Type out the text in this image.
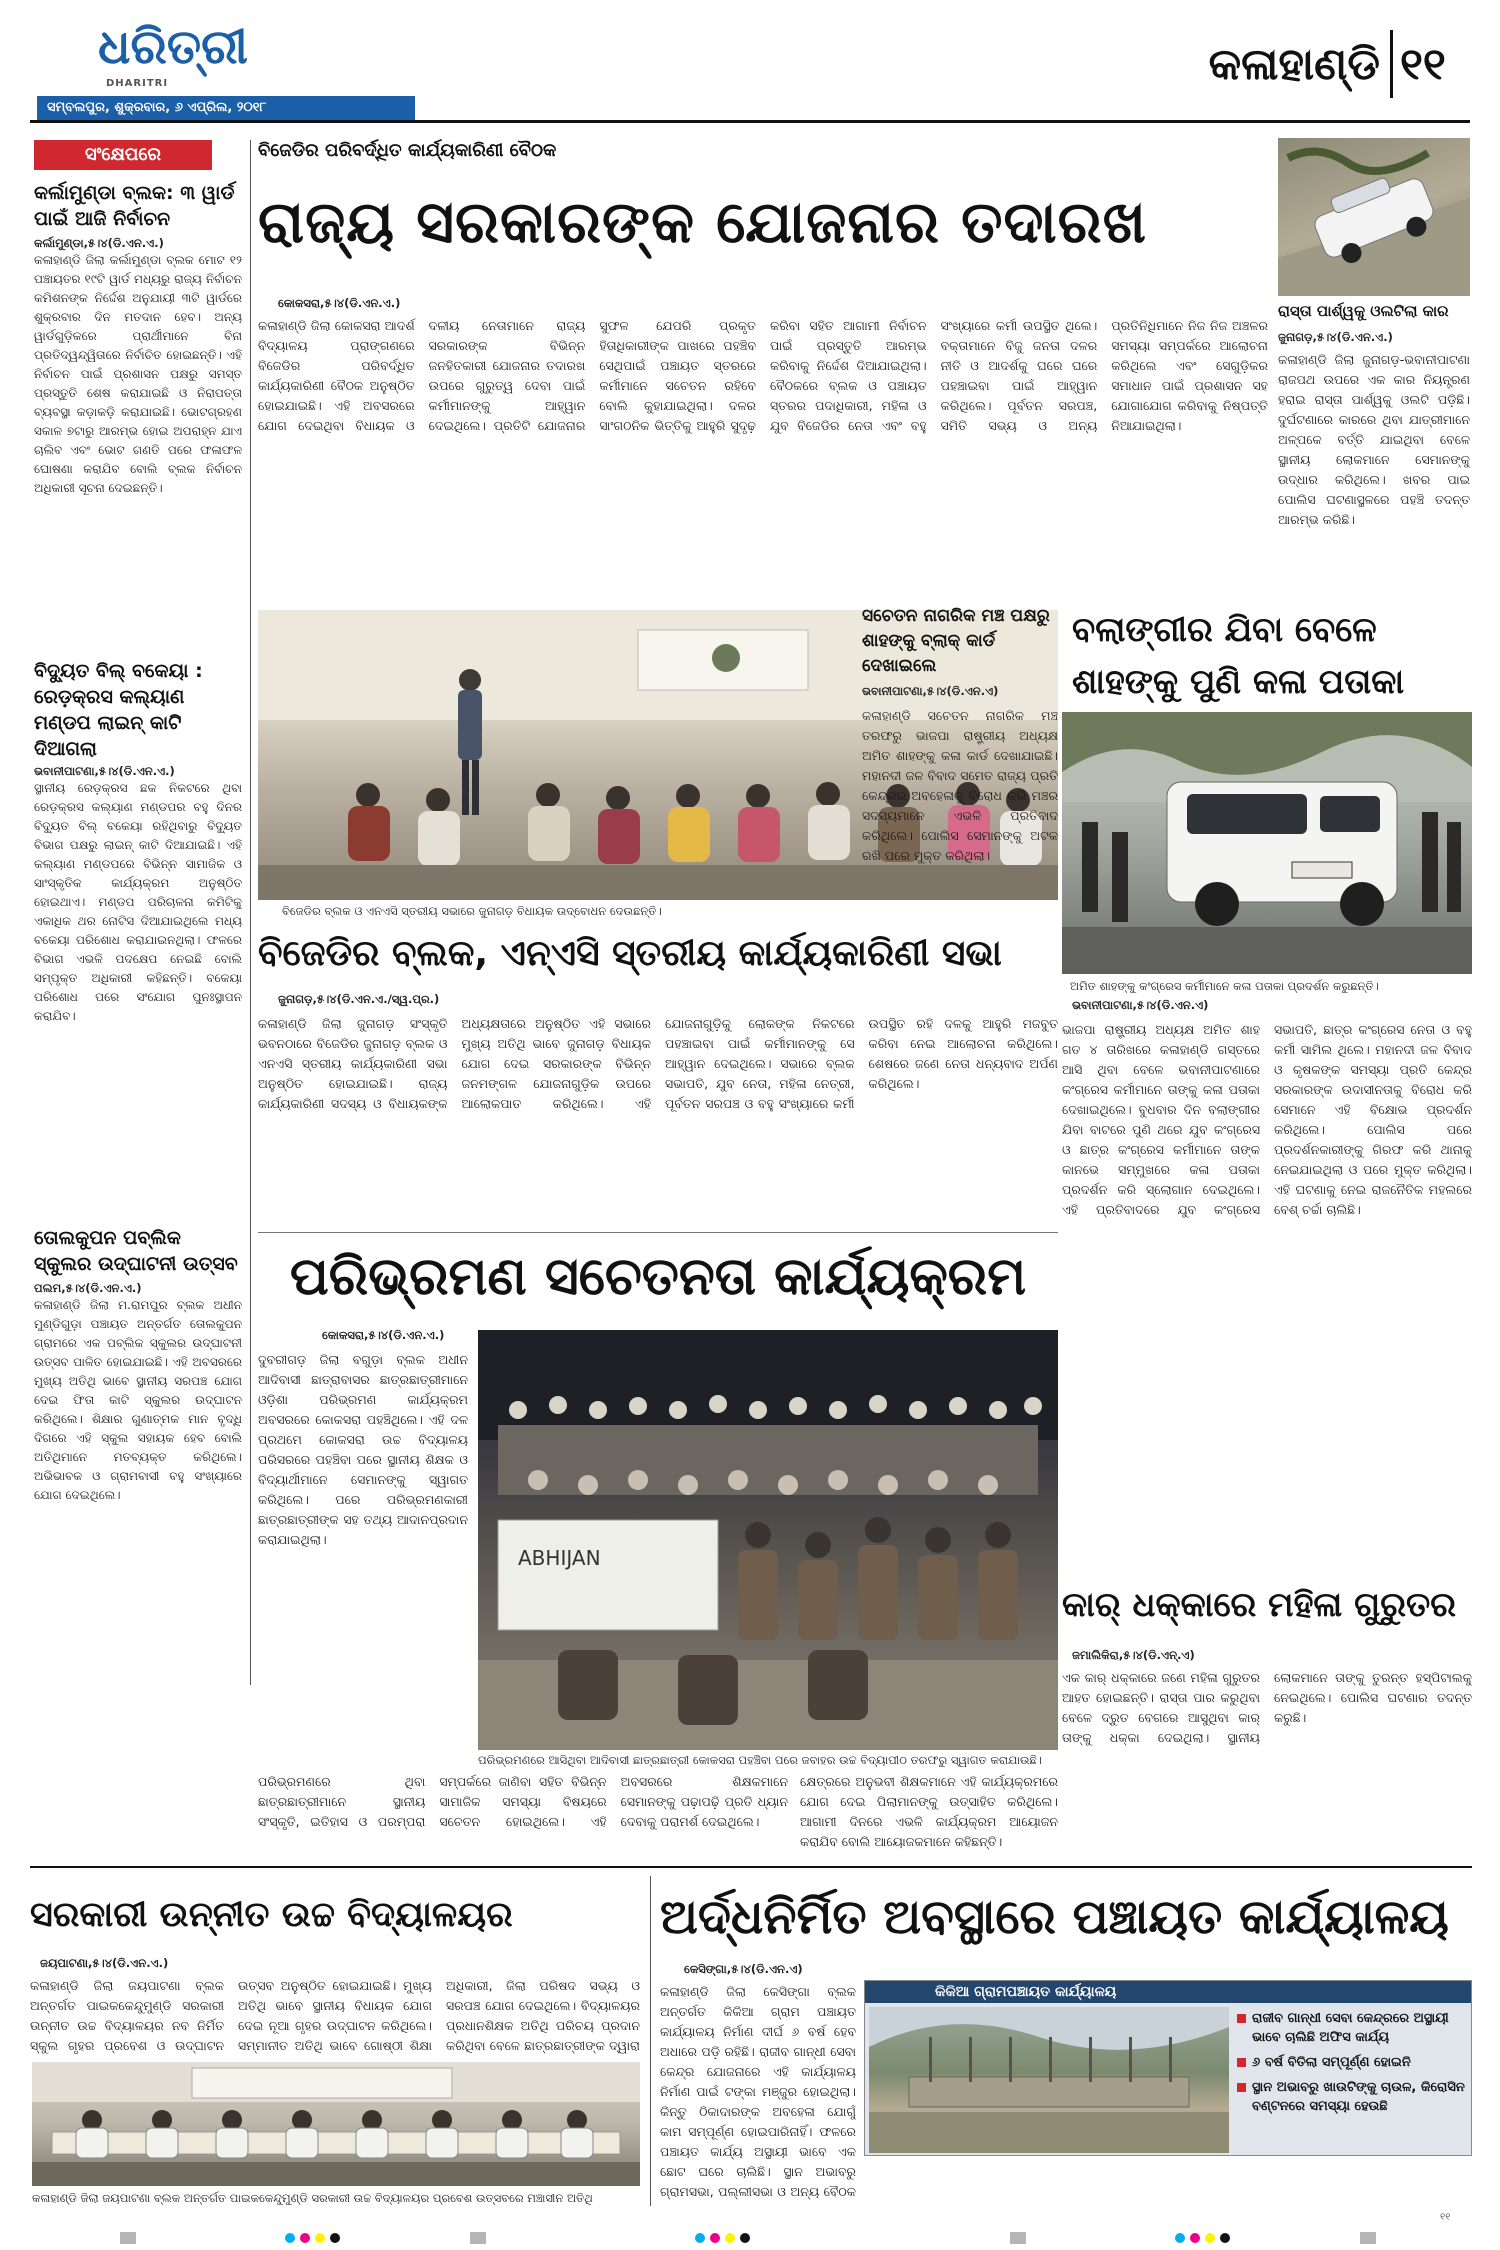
ଧରିତ୍ରୀ
DHARITRI
ସମ୍ବଲପୁର, ଶୁକ୍ରବାର, ୬ ଏପ୍ରିଲ, ୨୦୧୮
କଳାହାଣ୍ଡି ୧୧
ସଂକ୍ଷେପରେ
କର୍ଲାମୁଣ୍ଡା ବ୍ଲକ: ୩ ୱାର୍ଡ ପାଇଁ ଆଜି ନିର୍ବାଚନ
କର୍ଲାମୁଣ୍ଡା,୫।୪(ଡି.ଏନ.ଏ.)
କଳାହାଣ୍ଡି ଜିଲା କର୍ଲାମୁଣ୍ଡା ବ୍ଲକ ମୋଟ ୧୨ ପଞ୍ଚାୟତର ୧୯ଟି ୱାର୍ଡ ମଧ୍ୟରୁ ରାଜ୍ୟ ନିର୍ବାଚନ କମିଶନଙ୍କ ନିର୍ଦ୍ଦେଶ ଅନୁଯାୟୀ ୩ଟି ୱାର୍ଡରେ ଶୁକ୍ରବାର ଦିନ ମତଦାନ ହେବ। ଅନ୍ୟ ୱାର୍ଡଗୁଡ଼ିକରେ ପ୍ରାର୍ଥୀମାନେ ବିନା ପ୍ରତିଦ୍ୱନ୍ଦ୍ୱିତାରେ ନିର୍ବାଚିତ ହୋଇଛନ୍ତି। ଏହି ନିର୍ବାଚନ ପାଇଁ ପ୍ରଶାସନ ପକ୍ଷରୁ ସମସ୍ତ ପ୍ରସ୍ତୁତି ଶେଷ କରାଯାଇଛି ଓ ନିରାପତ୍ତା ବ୍ୟବସ୍ଥା କଡ଼ାକଡ଼ି କରାଯାଇଛି। ଭୋଟଗ୍ରହଣ ସକାଳ ୭ଟାରୁ ଆରମ୍ଭ ହୋଇ ଅପରାହ୍ନ ଯାଏ ଚାଲିବ ଏବଂ ଭୋଟ ଗଣତି ପରେ ଫଳାଫଳ ଘୋଷଣା କରାଯିବ ବୋଲି ବ୍ଲକ ନିର୍ବାଚନ ଅଧିକାରୀ ସୂଚନା ଦେଇଛନ୍ତି।
ବିଦ୍ୟୁତ ବିଲ୍ ବକେୟା : ରେଡ଼କ୍ରସ କଲ୍ୟାଣ ମଣ୍ଡପ ଲାଇନ୍ କାଟି ଦିଆଗଲା
ଭବାନୀପାଟଣା,୫।୪(ଡି.ଏନ.ଏ.)
ସ୍ଥାନୀୟ ରେଡ଼କ୍ରସ ଛକ ନିକଟରେ ଥିବା ରେଡ଼କ୍ରସ କଲ୍ୟାଣ ମଣ୍ଡପର ବହୁ ଦିନର ବିଦ୍ୟୁତ ବିଲ୍ ବକେୟା ରହିଥିବାରୁ ବିଦ୍ୟୁତ ବିଭାଗ ପକ୍ଷରୁ ଲାଇନ୍ କାଟି ଦିଆଯାଇଛି। ଏହି କଲ୍ୟାଣ ମଣ୍ଡପରେ ବିଭିନ୍ନ ସାମାଜିକ ଓ ସାଂସ୍କୃତିକ କାର୍ଯ୍ୟକ୍ରମ ଅନୁଷ୍ଠିତ ହୋଇଥାଏ। ମଣ୍ଡପ ପରିଚାଳନା କମିଟିକୁ ଏକାଧିକ ଥର ନୋଟିସ ଦିଆଯାଇଥିଲେ ମଧ୍ୟ ବକେୟା ପରିଶୋଧ କରାଯାଇନଥିଲା। ଫଳରେ ବିଭାଗ ଏଭଳି ପଦକ୍ଷେପ ନେଇଛି ବୋଲି ସମ୍ପୃକ୍ତ ଅଧିକାରୀ କହିଛନ୍ତି। ବକେୟା ପରିଶୋଧ ପରେ ସଂଯୋଗ ପୁନଃସ୍ଥାପନ କରାଯିବ।
ତୋଲକୁପନ ପବ୍ଲିକ ସ୍କୁଲର ଉଦ୍‌ଘାଟନୀ ଉତ୍ସବ
ପଲମ,୫।୪(ଡି.ଏନ.ଏ.)
କଳାହାଣ୍ଡି ଜିଲା ମ.ରାମପୁର ବ୍ଲକ ଅଧୀନ ମୁଣ୍ଡିଗୁଡ଼ା ପଞ୍ଚାୟତ ଅନ୍ତର୍ଗତ ତୋଲକୁପନ ଗ୍ରାମରେ ଏକ ପବ୍ଲିକ ସ୍କୁଲର ଉଦ୍‌ଘାଟନୀ ଉତ୍ସବ ପାଳିତ ହୋଇଯାଇଛି। ଏହି ଅବସରରେ ମୁଖ୍ୟ ଅତିଥି ଭାବେ ସ୍ଥାନୀୟ ସରପଞ୍ଚ ଯୋଗ ଦେଇ ଫିତା କାଟି ସ୍କୁଲର ଉଦ୍‌ଘାଟନ କରିଥିଲେ। ଶିକ୍ଷାର ଗୁଣାତ୍ମକ ମାନ ବୃଦ୍ଧି ଦିଗରେ ଏହି ସ୍କୁଲ ସହାୟକ ହେବ ବୋଲି ଅତିଥିମାନେ ମତବ୍ୟକ୍ତ କରିଥିଲେ। ଅଭିଭାବକ ଓ ଗ୍ରାମବାସୀ ବହୁ ସଂଖ୍ୟାରେ ଯୋଗ ଦେଇଥିଲେ।
ବିଜେଡିର ପରିବର୍ଦ୍ଧିତ କାର୍ଯ୍ୟକାରିଣୀ ବୈଠକ
ରାଜ୍ୟ ସରକାରଙ୍କ ଯୋଜନାର ତଦାରଖ
କୋକସରା,୫।୪(ଡି.ଏନ.ଏ.)
କଳାହାଣ୍ଡି ଜିଲା କୋକସରା ଆଦର୍ଶ ବିଦ୍ୟାଳୟ ପ୍ରାଙ୍ଗଣରେ ବିଜେଡିର ପରିବର୍ଦ୍ଧିତ କାର୍ଯ୍ୟକାରିଣୀ ବୈଠକ ଅନୁଷ୍ଠିତ ହୋଇଯାଇଛି। ଏହି ଅବସରରେ ଯୋଗ ଦେଇଥିବା ବିଧାୟକ ଓ ଦଳୀୟ ନେତାମାନେ ରାଜ୍ୟ ସରକାରଙ୍କ ବିଭିନ୍ନ ଜନହିତକାରୀ ଯୋଜନାର ତଦାରଖ ଉପରେ ଗୁରୁତ୍ୱ ଦେବା ପାଇଁ କର୍ମୀମାନଙ୍କୁ ଆହ୍ୱାନ ଦେଇଥିଲେ। ପ୍ରତିଟି ଯୋଜନାର ସୁଫଳ ଯେପରି ପ୍ରକୃତ ହିତାଧିକାରୀଙ୍କ ପାଖରେ ପହଞ୍ଚିବ ସେଥିପାଇଁ ପଞ୍ଚାୟତ ସ୍ତରରେ କର୍ମୀମାନେ ସଚେତନ ରହିବେ ବୋଲି କୁହାଯାଇଥିଲା। ଦଳର ସାଂଗଠନିକ ଭିତ୍ତିକୁ ଆହୁରି ସୁଦୃଢ଼ କରିବା ସହିତ ଆଗାମୀ ନିର୍ବାଚନ ପାଇଁ ପ୍ରସ୍ତୁତି ଆରମ୍ଭ କରିବାକୁ ନିର୍ଦ୍ଦେଶ ଦିଆଯାଇଥିଲା। ବୈଠକରେ ବ୍ଲକ ଓ ପଞ୍ଚାୟତ ସ୍ତରର ପଦାଧିକାରୀ, ମହିଳା ଓ ଯୁବ ବିଜେଡିର ନେତା ଏବଂ ବହୁ ସଂଖ୍ୟାରେ କର୍ମୀ ଉପସ୍ଥିତ ଥିଲେ। ବକ୍ତାମାନେ ବିଜୁ ଜନତା ଦଳର ନୀତି ଓ ଆଦର୍ଶକୁ ଘରେ ଘରେ ପହଞ୍ଚାଇବା ପାଇଁ ଆହ୍ୱାନ କରିଥିଲେ। ପୂର୍ବତନ ସରପଞ୍ଚ, ସମିତି ସଭ୍ୟ ଓ ଅନ୍ୟ ପ୍ରତିନିଧିମାନେ ନିଜ ନିଜ ଅଞ୍ଚଳର ସମସ୍ୟା ସମ୍ପର୍କରେ ଆଲୋଚନା କରିଥିଲେ ଏବଂ ସେଗୁଡ଼ିକର ସମାଧାନ ପାଇଁ ପ୍ରଶାସନ ସହ ଯୋଗାଯୋଗ କରିବାକୁ ନିଷ୍ପତ୍ତି ନିଆଯାଇଥିଲା।
ବିଜେଡିର ବ୍ଲକ ଓ ଏନଏସି ସ୍ତରୀୟ ସଭାରେ ଜୁନାଗଡ଼ ବିଧାୟକ ଉଦ୍‌ବୋଧନ ଦେଉଛନ୍ତି।
ରାସ୍ତା ପାର୍ଶ୍ୱକୁ ଓଲଟିଲା କାର
ଜୁନାଗଡ଼,୫।୪(ଡି.ଏନ.ଏ.)
କଳାହାଣ୍ଡି ଜିଲା ଜୁନାଗଡ଼-ଭବାନୀପାଟଣା ରାଜପଥ ଉପରେ ଏକ କାର ନିୟନ୍ତ୍ରଣ ହରାଇ ରାସ୍ତା ପାର୍ଶ୍ୱକୁ ଓଲଟି ପଡ଼ିଛି। ଦୁର୍ଘଟଣାରେ କାରରେ ଥିବା ଯାତ୍ରୀମାନେ ଅଳ୍ପକେ ବର୍ତ୍ତି ଯାଇଥିବା ବେଳେ ସ୍ଥାନୀୟ ଲୋକମାନେ ସେମାନଙ୍କୁ ଉଦ୍ଧାର କରିଥିଲେ। ଖବର ପାଇ ପୋଲିସ ଘଟଣାସ୍ଥଳରେ ପହଞ୍ଚି ତଦନ୍ତ ଆରମ୍ଭ କରିଛି।
ସଚେତନ ନାଗରିକ ମଞ୍ଚ ପକ୍ଷରୁ ଶାହଙ୍କୁ ବ୍ଲାକ୍ କାର୍ଡ ଦେଖାଇଲେ
ଭବାନୀପାଟଣା,୫।୪(ଡି.ଏନ.ଏ)
କଳାହାଣ୍ଡି ସଚେତନ ନାଗରିକ ମଞ୍ଚ ତରଫରୁ ଭାଜପା ରାଷ୍ଟ୍ରୀୟ ଅଧ୍ୟକ୍ଷ ଅମିତ ଶାହଙ୍କୁ କଳା କାର୍ଡ ଦେଖାଯାଇଛି। ମହାନଦୀ ଜଳ ବିବାଦ ସମେତ ରାଜ୍ୟ ପ୍ରତି କେନ୍ଦ୍ରର ଅବହେଳାକୁ ବିରୋଧ କରି ମଞ୍ଚର ସଦସ୍ୟମାନେ ଏଭଳି ପ୍ରତିବାଦ କରିଥିଲେ। ପୋଲିସ ସେମାନଙ୍କୁ ଅଟକ ରଖି ପରେ ମୁକ୍ତ କରିଥିଲା।
ବଲାଙ୍ଗୀର ଯିବା ବେଳେ ଶାହଙ୍କୁ ପୁଣି କଳା ପତାକା
ଅମିତ ଶାହଙ୍କୁ କଂଗ୍ରେସ କର୍ମୀମାନେ କଳା ପତାକା ପ୍ରଦର୍ଶନ କରୁଛନ୍ତି।
ଭବାନୀପାଟଣା,୫।୪(ଡି.ଏନ.ଏ)
ଭାଜପା ରାଷ୍ଟ୍ରୀୟ ଅଧ୍ୟକ୍ଷ ଅମିତ ଶାହ ଗତ ୪ ତାରିଖରେ କଳାହାଣ୍ଡି ଗସ୍ତରେ ଆସି ଥିବା ବେଳେ ଭବାନୀପାଟଣାରେ କଂଗ୍ରେସ କର୍ମୀମାନେ ତାଙ୍କୁ କଳା ପତାକା ଦେଖାଇଥିଲେ। ବୁଧବାର ଦିନ ବଲାଙ୍ଗୀର ଯିବା ବାଟରେ ପୁଣି ଥରେ ଯୁବ କଂଗ୍ରେସ ଓ ଛାତ୍ର କଂଗ୍ରେସ କର୍ମୀମାନେ ତାଙ୍କ କାନଭେ ସମ୍ମୁଖରେ କଳା ପତାକା ପ୍ରଦର୍ଶନ କରି ସ୍ଲୋଗାନ ଦେଇଥିଲେ। ଏହି ପ୍ରତିବାଦରେ ଯୁବ କଂଗ୍ରେସ ସଭାପତି, ଛାତ୍ର କଂଗ୍ରେସ ନେତା ଓ ବହୁ କର୍ମୀ ସାମିଲ ଥିଲେ। ମହାନଦୀ ଜଳ ବିବାଦ ଓ କୃଷକଙ୍କ ସମସ୍ୟା ପ୍ରତି କେନ୍ଦ୍ର ସରକାରଙ୍କ ଉଦାସୀନତାକୁ ବିରୋଧ କରି ସେମାନେ ଏହି ବିକ୍ଷୋଭ ପ୍ରଦର୍ଶନ କରିଥିଲେ। ପୋଲିସ ପରେ ପ୍ରଦର୍ଶନକାରୀଙ୍କୁ ଗିରଫ କରି ଥାନାକୁ ନେଇଯାଇଥିଲା ଓ ପରେ ମୁକ୍ତ କରିଥିଲା। ଏହି ଘଟଣାକୁ ନେଇ ରାଜନୈତିକ ମହଲରେ ବେଶ୍ ଚର୍ଚ୍ଚା ଚାଲିଛି।
ବିଜେଡିର ବ୍ଲକ, ଏନ୍‌ଏସି ସ୍ତରୀୟ କାର୍ଯ୍ୟକାରିଣୀ ସଭା
ଜୁନାଗଡ଼,୫।୪(ଡି.ଏନ.ଏ./ସ୍ୱ.ପ୍ର.)
କଳାହାଣ୍ଡି ଜିଲା ଜୁନାଗଡ଼ ସଂସ୍କୃତି ଭବନଠାରେ ବିଜେଡିର ଜୁନାଗଡ଼ ବ୍ଲକ ଓ ଏନଏସି ସ୍ତରୀୟ କାର୍ଯ୍ୟକାରିଣୀ ସଭା ଅନୁଷ୍ଠିତ ହୋଇଯାଇଛି। ରାଜ୍ୟ କାର୍ଯ୍ୟକାରିଣୀ ସଦସ୍ୟ ଓ ବିଧାୟକଙ୍କ ଅଧ୍ୟକ୍ଷତାରେ ଅନୁଷ୍ଠିତ ଏହି ସଭାରେ ମୁଖ୍ୟ ଅତିଥି ଭାବେ ଜୁନାଗଡ଼ ବିଧାୟକ ଯୋଗ ଦେଇ ସରକାରଙ୍କ ବିଭିନ୍ନ ଜନମଙ୍ଗଳ ଯୋଜନାଗୁଡ଼ିକ ଉପରେ ଆଲୋକପାତ କରିଥିଲେ। ଏହି ଯୋଜନାଗୁଡ଼ିକୁ ଲୋକଙ୍କ ନିକଟରେ ପହଞ୍ଚାଇବା ପାଇଁ କର୍ମୀମାନଙ୍କୁ ସେ ଆହ୍ୱାନ ଦେଇଥିଲେ। ସଭାରେ ବ୍ଲକ ସଭାପତି, ଯୁବ ନେତା, ମହିଳା ନେତ୍ରୀ, ପୂର୍ବତନ ସରପଞ୍ଚ ଓ ବହୁ ସଂଖ୍ୟାରେ କର୍ମୀ ଉପସ୍ଥିତ ରହି ଦଳକୁ ଆହୁରି ମଜବୁତ କରିବା ନେଇ ଆଲୋଚନା କରିଥିଲେ। ଶେଷରେ ଜଣେ ନେତା ଧନ୍ୟବାଦ ଅର୍ପଣ କରିଥିଲେ।
ପରିଭ୍ରମଣ ସଚେତନତା କାର୍ଯ୍ୟକ୍ରମ
କୋକସରା,୫।୪(ଡି.ଏନ.ଏ.)
ଦୁବରୀଗଡ଼ ଜିଲା ବଗୁଡ଼ା ବ୍ଲକ ଅଧୀନ ଆଦିବାସୀ ଛାତ୍ରାବାସର ଛାତ୍ରଛାତ୍ରୀମାନେ ଓଡ଼ିଶା ପରିଭ୍ରମଣ କାର୍ଯ୍ୟକ୍ରମ ଅବସରରେ କୋକସରା ପହଞ୍ଚିଥିଲେ। ଏହି ଦଳ ପ୍ରଥମେ କୋକସରା ଉଚ୍ଚ ବିଦ୍ୟାଳୟ ପରିସରରେ ପହଞ୍ଚିବା ପରେ ସ୍ଥାନୀୟ ଶିକ୍ଷକ ଓ ବିଦ୍ୟାର୍ଥୀମାନେ ସେମାନଙ୍କୁ ସ୍ୱାଗତ କରିଥିଲେ। ପରେ ପରିଭ୍ରମଣକାରୀ ଛାତ୍ରଛାତ୍ରୀଙ୍କ ସହ ତଥ୍ୟ ଆଦାନପ୍ରଦାନ କରାଯାଇଥିଲା।
ABHIJAN
ପରିଭ୍ରମଣରେ ଆସିଥିବା ଆଦିବାସୀ ଛାତ୍ରଛାତ୍ରୀ କୋକସରା ପହଞ୍ଚିବା ପରେ ଜବାହର ଉଚ୍ଚ ବିଦ୍ୟାପୀଠ ତରଫରୁ ସ୍ୱାଗତ କରାଯାଉଛି।
ପରିଭ୍ରମଣରେ ଥିବା ଛାତ୍ରଛାତ୍ରୀମାନେ ସ୍ଥାନୀୟ ସଂସ୍କୃତି, ଇତିହାସ ଓ ପରମ୍ପରା ସମ୍ପର୍କରେ ଜାଣିବା ସହିତ ବିଭିନ୍ନ ସାମାଜିକ ସମସ୍ୟା ବିଷୟରେ ସଚେତନ ହୋଇଥିଲେ। ଏହି ଅବସରରେ ଶିକ୍ଷକମାନେ ସେମାନଙ୍କୁ ପଢ଼ାପଢ଼ି ପ୍ରତି ଧ୍ୟାନ ଦେବାକୁ ପରାମର୍ଶ ଦେଇଥିଲେ।
କ୍ଷେତ୍ରରେ ଅନୁଭବୀ ଶିକ୍ଷକମାନେ ଏହି କାର୍ଯ୍ୟକ୍ରମରେ ଯୋଗ ଦେଇ ପିଲାମାନଙ୍କୁ ଉତ୍ସାହିତ କରିଥିଲେ। ଆଗାମୀ ଦିନରେ ଏଭଳି କାର୍ଯ୍ୟକ୍ରମ ଆୟୋଜନ କରାଯିବ ବୋଲି ଆୟୋଜକମାନେ କହିଛନ୍ତି।
କାର୍ ଧକ୍କାରେ ମହିଳା ଗୁରୁତର
ଜମାଲିକିରା,୫।୪(ଡି.ଏନ୍.ଏ)
ଏକ କାର୍ ଧକ୍କାରେ ଜଣେ ମହିଳା ଗୁରୁତର ଆହତ ହୋଇଛନ୍ତି। ରାସ୍ତା ପାର କରୁଥିବା ବେଳେ ଦ୍ରୁତ ବେଗରେ ଆସୁଥିବା କାର୍ ତାଙ୍କୁ ଧକ୍କା ଦେଇଥିଲା। ସ୍ଥାନୀୟ ଲୋକମାନେ ତାଙ୍କୁ ତୁରନ୍ତ ହସ୍ପିଟାଲକୁ ନେଇଥିଲେ। ପୋଲିସ ଘଟଣାର ତଦନ୍ତ କରୁଛି।
ସରକାରୀ ଉନ୍ନୀତ ଉଚ୍ଚ ବିଦ୍ୟାଳୟର
ଜୟପାଟଣା,୫।୪(ଡି.ଏନ.ଏ.)
କଳାହାଣ୍ଡି ଜିଲା ଜୟପାଟଣା ବ୍ଲକ ଅନ୍ତର୍ଗତ ପାଇକକେନ୍ଦୁମୁଣ୍ଡି ସରକାରୀ ଉନ୍ନୀତ ଉଚ୍ଚ ବିଦ୍ୟାଳୟର ନବ ନିର୍ମିତ ସ୍କୁଲ ଗୃହର ପ୍ରବେଶ ଓ ଉଦ୍‌ଘାଟନ ଉତ୍ସବ ଅନୁଷ୍ଠିତ ହୋଇଯାଇଛି। ମୁଖ୍ୟ ଅତିଥି ଭାବେ ସ୍ଥାନୀୟ ବିଧାୟକ ଯୋଗ ଦେଇ ନୂଆ ଗୃହର ଉଦ୍‌ଘାଟନ କରିଥିଲେ। ସମ୍ମାନୀତ ଅତିଥି ଭାବେ ଗୋଷ୍ଠୀ ଶିକ୍ଷା ଅଧିକାରୀ, ଜିଲା ପରିଷଦ ସଭ୍ୟ ଓ ସରପଞ୍ଚ ଯୋଗ ଦେଇଥିଲେ। ବିଦ୍ୟାଳୟର ପ୍ରଧାନଶିକ୍ଷକ ଅତିଥି ପରିଚୟ ପ୍ରଦାନ କରିଥିବା ବେଳେ ଛାତ୍ରଛାତ୍ରୀଙ୍କ ଦ୍ୱାରା
ଅର୍ଦ୍ଧନିର୍ମିତ ଅବସ୍ଥାରେ ପଞ୍ଚାୟତ କାର୍ଯ୍ୟାଳୟ
କେସିଙ୍ଗା,୫।୪(ଡି.ଏନ.ଏ)
କଳାହାଣ୍ଡି ଜିଲା କେସିଙ୍ଗା ବ୍ଲକ ଅନ୍ତର୍ଗତ କିକିଆ ଗ୍ରାମ ପଞ୍ଚାୟତ କାର୍ଯ୍ୟାଳୟ ନିର୍ମାଣ ଦୀର୍ଘ ୬ ବର୍ଷ ହେବ ଅଧାରେ ପଡ଼ି ରହିଛି। ରାଜୀବ ଗାନ୍ଧୀ ସେବା କେନ୍ଦ୍ର ଯୋଜନାରେ ଏହି କାର୍ଯ୍ୟାଳୟ ନିର୍ମାଣ ପାଇଁ ଟଙ୍କା ମଞ୍ଜୁର ହୋଇଥିଲା। କିନ୍ତୁ ଠିକାଦାରଙ୍କ ଅବହେଳା ଯୋଗୁଁ କାମ ସମ୍ପୂର୍ଣ୍ଣ ହୋଇପାରିନାହିଁ। ଫଳରେ ପଞ୍ଚାୟତ କାର୍ଯ୍ୟ ଅସ୍ଥାୟୀ ଭାବେ ଏକ ଛୋଟ ଘରେ ଚାଲିଛି। ସ୍ଥାନ ଅଭାବରୁ ଗ୍ରାମସଭା, ପଲ୍ଲୀସଭା ଓ ଅନ୍ୟ ବୈଠକ
୧୧
କଳାହାଣ୍ଡି ଜିଲା ଜୟପାଟଣା ବ୍ଲକ ଅନ୍ତର୍ଗତ ପାଇକକେନ୍ଦୁମୁଣ୍ଡି ସରକାରୀ ଉଚ୍ଚ ବିଦ୍ୟାଳୟର ପ୍ରବେଶ ଉତ୍ସବରେ ମଞ୍ଚାସୀନ ଅତିଥି
କିକିଆ ଗ୍ରାମପଞ୍ଚାୟତ କାର୍ଯ୍ୟାଳୟ
ରାଜୀବ ଗାନ୍ଧୀ ସେବା କେନ୍ଦ୍ରରେ ଅସ୍ଥାୟୀ ଭାବେ ଚାଲିଛି ଅଫିସ କାର୍ଯ୍ୟ
୬ ବର୍ଷ ବିତିଲା ସମ୍ପୂର୍ଣ୍ଣ ହୋଇନି
ସ୍ଥାନ ଅଭାବରୁ ଖାଉଟିଙ୍କୁ ଚାଉଳ, କିରୋସିନ ବଣ୍ଟନରେ ସମସ୍ୟା ହେଉଛି
